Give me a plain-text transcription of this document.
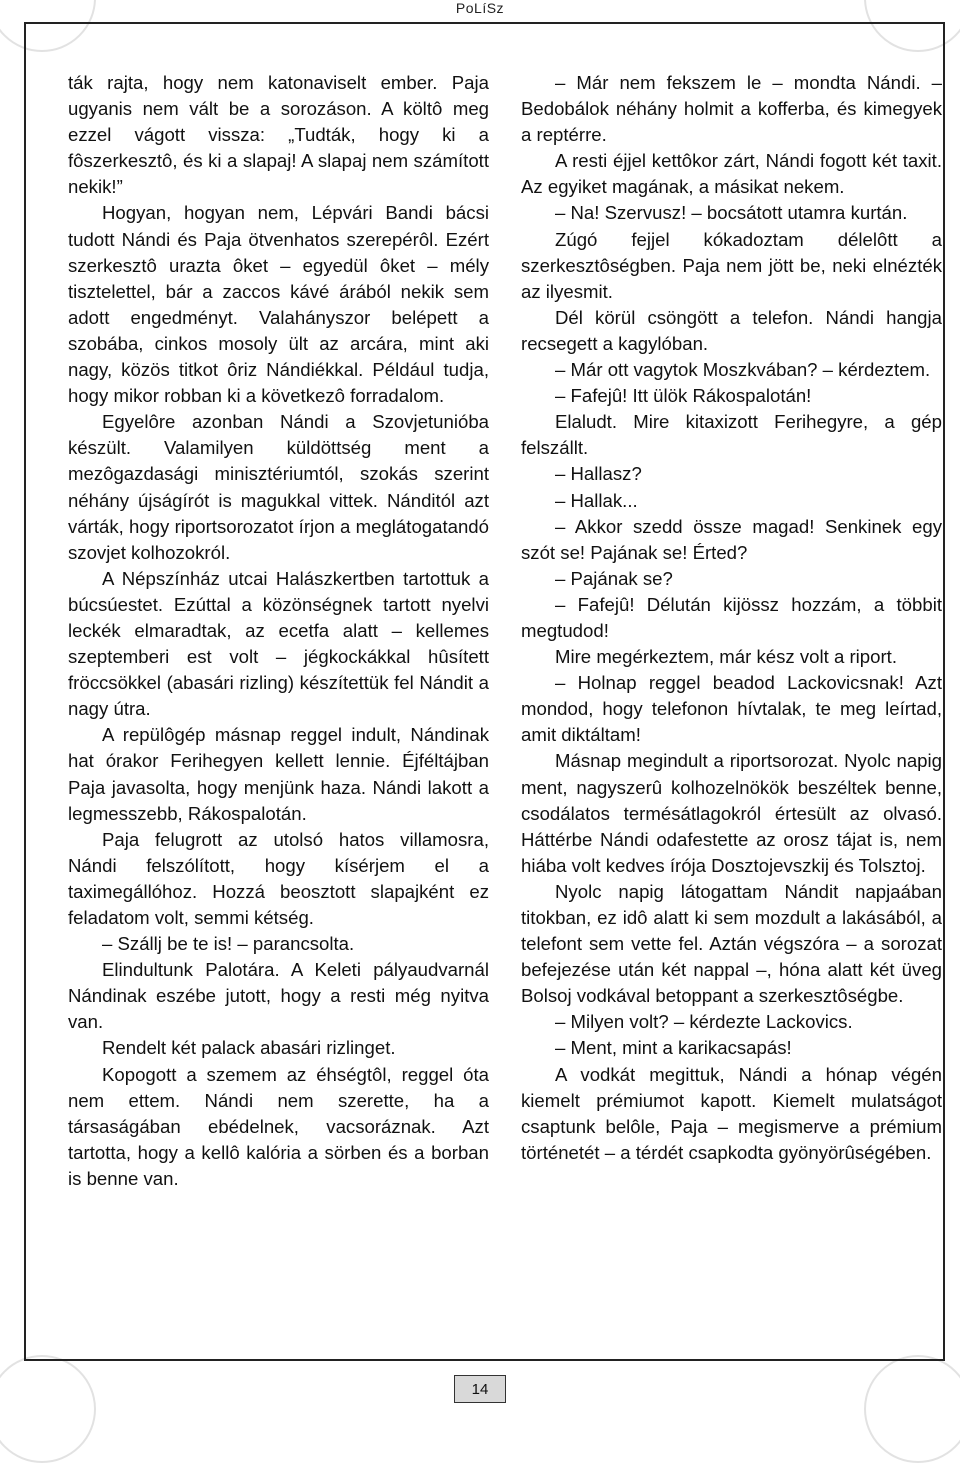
PoLíSz

ták rajta, hogy nem katonaviselt ember. Paja ugyanis nem vált be a sorozáson. A költô meg ezzel vágott vissza: „Tudták, hogy ki a fôszerkesztô, és ki a slapaj! A slapaj nem számított nekik!”

Hogyan, hogyan nem, Lépvári Bandi bácsi tudott Nándi és Paja ötvenhatos szerepérôl. Ezért szerkesztô urazta ôket – egyedül ôket – mély tisztelettel, bár a zaccos kávé árából nekik sem adott engedményt. Valahányszor belépett a szobába, cinkos mosoly ült az arcára, mint aki nagy, közös titkot ôriz Nándiékkal. Például tudja, hogy mikor robban ki a következô forradalom.

Egyelôre azonban Nándi a Szovjetunióba készült. Valamilyen küldöttség ment a mezôgazdasági minisztériumtól, szokás szerint néhány újságírót is magukkal vittek. Nánditól azt várták, hogy riportsorozatot írjon a meglátogatandó szovjet kolhozokról.

A Népszínház utcai Halászkertben tartottuk a búcsúestet. Ezúttal a közönségnek tartott nyelvi leckék elmaradtak, az ecetfa alatt – kellemes szeptemberi est volt – jégkockákkal hûsített fröccsökkel (abasári rizling) készítettük fel Nándit a nagy útra.

A repülôgép másnap reggel indult, Nándinak hat órakor Ferihegyen kellett lennie. Éjféltájban Paja javasolta, hogy menjünk haza. Nándi lakott a legmesszebb, Rákospalotán.

Paja felugrott az utolsó hatos villamosra, Nándi felszólított, hogy kísérjem el a taximegállóhoz. Hozzá beosztott slapajként ez feladatom volt, semmi kétség.

– Szállj be te is! – parancsolta.

Elindultunk Palotára. A Keleti pályaudvarnál Nándinak eszébe jutott, hogy a resti még nyitva van.

Rendelt két palack abasári rizlinget.

Kopogott a szemem az éhségtôl, reggel óta nem ettem. Nándi nem szerette, ha a társaságában ebédelnek, vacsoráznak. Azt tartotta, hogy a kellô kalória a sörben és a borban is benne van.

– Már nem fekszem le – mondta Nándi. – Bedobálok néhány holmit a kofferba, és kimegyek a reptérre.

A resti éjjel kettôkor zárt, Nándi fogott két taxit. Az egyiket magának, a másikat nekem.

– Na! Szervusz! – bocsátott utamra kurtán.

Zúgó fejjel kókadoztam délelôtt a szerkesztôségben. Paja nem jött be, neki elnézték az ilyesmit.

Dél körül csöngött a telefon. Nándi hangja recsegett a kagylóban.

– Már ott vagytok Moszkvában? – kérdeztem.

– Fafejû! Itt ülök Rákospalotán!

Elaludt. Mire kitaxizott Ferihegyre, a gép felszállt.

– Hallasz?

– Hallak...

– Akkor szedd össze magad! Senkinek egy szót se! Pajának se! Érted?

– Pajának se?

– Fafejû! Délután kijössz hozzám, a többit megtudod!

Mire megérkeztem, már kész volt a riport.

– Holnap reggel beadod Lackovicsnak! Azt mondod, hogy telefonon hívtalak, te meg leírtad, amit diktáltam!

Másnap megindult a riportsorozat. Nyolc napig ment, nagyszerû kolhozelnökök beszéltek benne, csodálatos termésátlagokról értesült az olvasó. Háttérbe Nándi odafestette az orosz tájat is, nem hiába volt kedves írója Dosztojevszkij és Tolsztoj.

Nyolc napig látogattam Nándit napjaában titokban, ez idô alatt ki sem mozdult a lakásából, a telefont sem vette fel. Aztán végszóra – a sorozat befejezése után két nappal –, hóna alatt két üveg Bolsoj vodkával betoppant a szerkesztôségbe.

– Milyen volt? – kérdezte Lackovics.

– Ment, mint a karikacsapás!

A vodkát megittuk, Nándi a hónap végén kiemelt prémiumot kapott. Kiemelt mulatságot csaptunk belôle, Paja – megismerve a prémium történetét – a térdét csapkodta gyönyörûségében.

14
